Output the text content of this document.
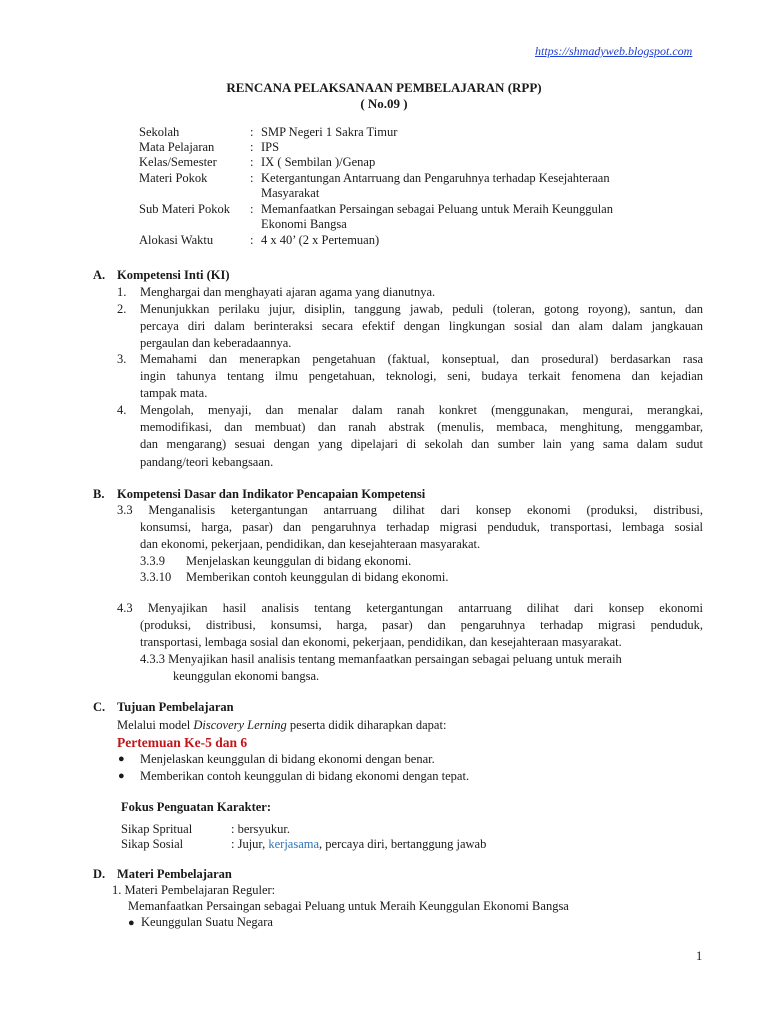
https://shmadyweb.blogspot.com
RENCANA PELAKSANAAN PEMBELAJARAN (RPP)
( No.09 )
Sekolah	: SMP Negeri 1 Sakra Timur
Mata Pelajaran	: IPS
Kelas/Semester	: IX ( Sembilan )/Genap
Materi Pokok	: Ketergantungan Antarruang dan Pengaruhnya terhadap Kesejahteraan
Masyarakat
Sub Materi Pokok : Memanfaatkan Persaingan sebagai Peluang untuk Meraih Keunggulan
Ekonomi Bangsa
Alokasi Waktu	: 4 x 40’ (2 x Pertemuan)
A. Kompetensi Inti (KI)
1. Menghargai dan menghayati ajaran agama yang dianutnya.
2. Menunjukkan perilaku jujur, disiplin, tanggung jawab, peduli (toleran, gotong royong), santun, dan
percaya diri dalam berinteraksi secara efektif dengan lingkungan sosial dan alam dalam jangkauan
pergaulan dan keberadaannya.
3. Memahami dan menerapkan pengetahuan (faktual, konseptual, dan prosedural) berdasarkan rasa
ingin tahunya tentang ilmu pengetahuan, teknologi, seni, budaya terkait fenomena dan kejadian
tampak mata.
4. Mengolah, menyaji, dan menalar dalam ranah konkret (menggunakan, mengurai, merangkai,
memodifikasi, dan membuat) dan ranah abstrak (menulis, membaca, menghitung, menggambar,
dan mengarang) sesuai dengan yang dipelajari di sekolah dan sumber lain yang sama dalam sudut
pandang/teori kebangsaan.
B. Kompetensi Dasar dan Indikator Pencapaian Kompetensi
3.3 Menganalisis ketergantungan antarruang dilihat dari konsep ekonomi (produksi, distribusi,
konsumsi, harga, pasar) dan pengaruhnya terhadap migrasi penduduk, transportasi, lembaga sosial
dan ekonomi, pekerjaan, pendidikan, dan kesejahteraan masyarakat.
3.3.9 Menjelaskan keunggulan di bidang ekonomi.
3.3.10 Memberikan contoh keunggulan di bidang ekonomi.
4.3 Menyajikan hasil analisis tentang ketergantungan antarruang dilihat dari konsep ekonomi
(produksi, distribusi, konsumsi, harga, pasar) dan pengaruhnya terhadap migrasi penduduk,
transportasi, lembaga sosial dan ekonomi, pekerjaan, pendidikan, dan kesejahteraan masyarakat.
4.3.3 Menyajikan hasil analisis tentang memanfaatkan persaingan sebagai peluang untuk meraih
keunggulan ekonomi bangsa.
C. Tujuan Pembelajaran
Melalui model Discovery Lerning peserta didik diharapkan dapat:
Pertemuan Ke-5 dan 6
● Menjelaskan keunggulan di bidang ekonomi dengan benar.
● Memberikan contoh keunggulan di bidang ekonomi dengan tepat.
Fokus Penguatan Karakter:
Sikap Spritual	: bersyukur.
Sikap Sosial	: Jujur, kerjasama, percaya diri, bertanggung jawab
D. Materi Pembelajaran
1. Materi Pembelajaran Reguler:
Memanfaatkan Persaingan sebagai Peluang untuk Meraih Keunggulan Ekonomi Bangsa
● Keunggulan Suatu Negara
1
